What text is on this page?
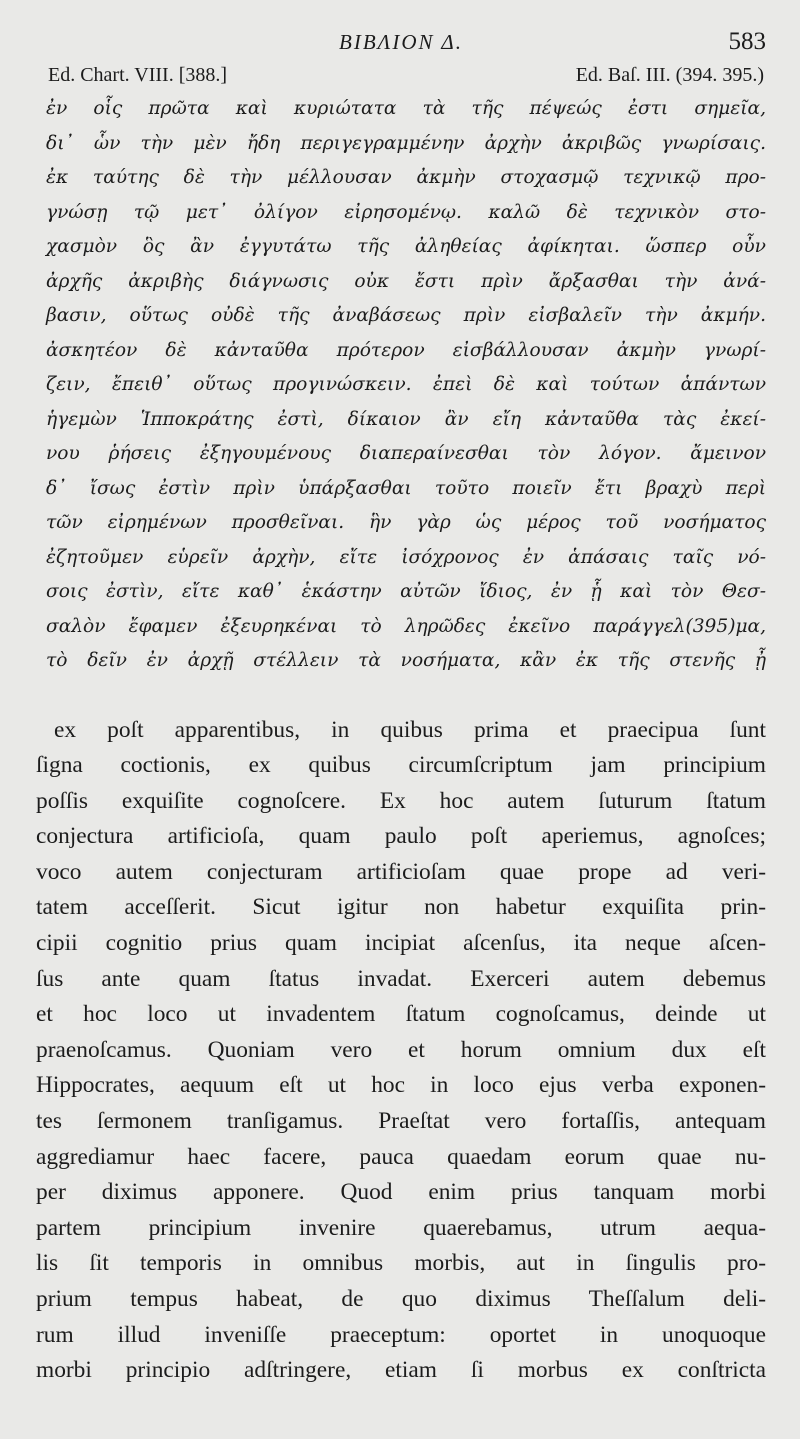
ΒΙΒΛΙΟΝ Δ.	583
Ed. Chart. VIII. [388.]	Ed. Baſ. III. (394. 395.)
ἐν οἷς πρῶτα καὶ κυριώτατα τὰ τῆς πέψεώς ἐστι σημεῖα,
δι᾽ ὧν τὴν μὲν ἤδη περιγεγραμμένην ἀρχὴν ἀκριβῶς γνωρίσαις.
ἐκ ταύτης δὲ τὴν μέλλουσαν ἀκμὴν στοχασμῷ τεχνικῷ προ-
γνώσῃ τῷ μετ᾽ ὀλίγον εἰρησομένῳ. καλῶ δὲ τεχνικὸν στο-
χασμὸν ὃς ἂν ἐγγυτάτω τῆς ἀληθείας ἀφίκηται. ὥσπερ οὖν
ἀρχῆς ἀκριβὴς διάγνωσις οὐκ ἔστι πρὶν ἄρξασθαι τὴν ἀνά-
βασιν, οὕτως οὐδὲ τῆς ἀναβάσεως πρὶν εἰσβαλεῖν τὴν ἀκμήν.
ἀσκητέον δὲ κἀνταῦθα πρότερον εἰσβάλλουσαν ἀκμὴν γνωρί-
ζειν, ἔπειθ᾽ οὕτως προγινώσκειν. ἐπεὶ δὲ καὶ τούτων ἁπάντων
ἡγεμὼν Ἱπποκράτης ἐστὶ, δίκαιον ἂν εἴη κἀνταῦθα τὰς ἐκεί-
νου ῥήσεις ἐξηγουμένους διαπεραίνεσθαι τὸν λόγον. ἄμεινον
δ᾽ ἴσως ἐστὶν πρὶν ὑπάρξασθαι τοῦτο ποιεῖν ἔτι βραχὺ περὶ
τῶν εἰρημένων προσθεῖναι. ἣν γὰρ ὡς μέρος τοῦ νοσήματος
ἐζητοῦμεν εὑρεῖν ἀρχὴν, εἴτε ἰσόχρονος ἐν ἁπάσαις ταῖς νό-
σοις ἐστὶν, εἴτε καθ᾽ ἑκάστην αὐτῶν ἴδιος, ἐν ᾗ καὶ τὸν Θεσ-
σαλὸν ἔφαμεν ἐξευρηκέναι τὸ ληρῶδες ἐκεῖνο παράγγελ(395)μα,
τὸ δεῖν ἐν ἀρχῇ στέλλειν τὰ νοσήματα, κἂν ἐκ τῆς στενῆς ᾖ
ex poſt apparentibus, in quibus prima et praecipua ſunt
ſigna coctionis, ex quibus circumſcriptum jam principium
poſſis exquiſite cognoſcere. Ex hoc autem ſuturum ſtatum
conjectura artificioſa, quam paulo poſt aperiemus, agnoſces;
voco autem conjecturam artificioſam quae prope ad veri-
tatem acceſſerit. Sicut igitur non habetur exquiſita prin-
cipii cognitio prius quam incipiat aſcenſus, ita neque aſcen-
ſus ante quam ſtatus invadat. Exerceri autem debemus
et hoc loco ut invadentem ſtatum cognoſcamus, deinde ut
praenoſcamus. Quoniam vero et horum omnium dux eſt
Hippocrates, aequum eſt ut hoc in loco ejus verba exponen-
tes ſermonem tranſigamus. Praeſtat vero fortaſſis, antequam
aggrediamur haec facere, pauca quaedam eorum quae nu-
per diximus apponere. Quod enim prius tanquam morbi
partem principium invenire quaerebamus, utrum aequa-
lis ſit temporis in omnibus morbis, aut in ſingulis pro-
prium tempus habeat, de quo diximus Theſſalum deli-
rum illud inveniſſe praeceptum: oportet in unoquoque
morbi principio adſtringere, etiam ſi morbus ex conſtricta
